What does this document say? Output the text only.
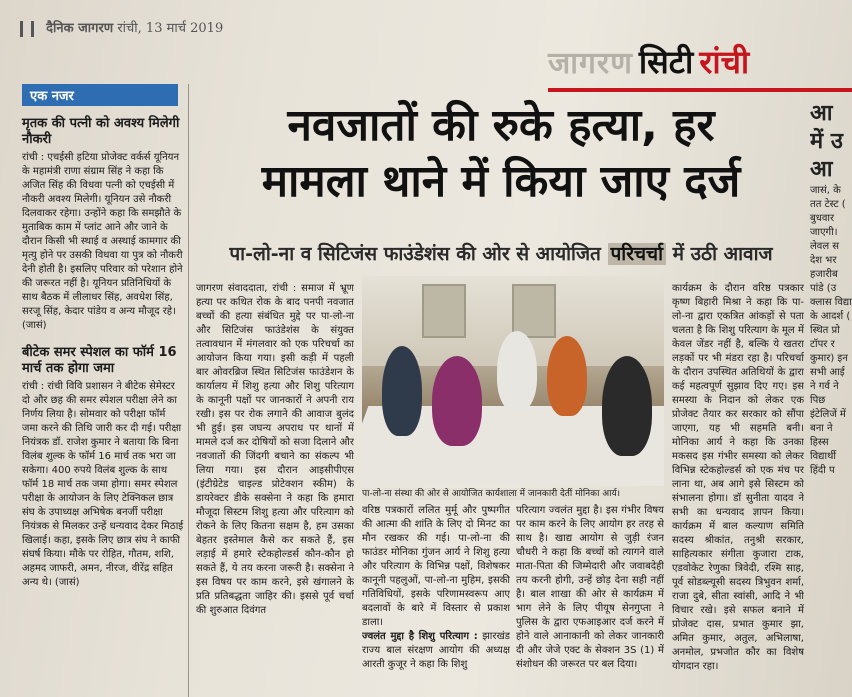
दैनिक जागरण रांची, 13 मार्च 2019
जागरण सिटी रांची
एक नजर
मृतक की पत्नी को अवश्य मिलेगी नौकरी
रांची : एचईसी हटिया प्रोजेक्ट वर्कर्स यूनियन के महामंत्री राणा संग्राम सिंह ने कहा कि अजित सिंह की विधवा पत्नी को एचईसी में नौकरी अवश्य मिलेगी। यूनियन उसे नौकरी दिलवाकर रहेगा। उन्होंने कहा कि समझौते के मुताबिक काम में प्लांट आने और जाने के दौरान किसी भी स्थाई व अस्थाई कामगार की मृत्यु होने पर उसकी विधवा या पुत्र को नौकरी देनी होती है। इसलिए परिवार को परेशान होने की जरूरत नहीं है। यूनियन प्रतिनिधियों के साथ बैठक में लीलाधर सिंह, अवधेश सिंह, सरजू सिंह, केदार पांडेय व अन्य मौजूद रहे। (जासं)
बीटेक समर स्पेशल का फॉर्म 16 मार्च तक होगा जमा
रांची : रांची विवि प्रशासन ने बीटेक सेमेस्टर दो और छह की समर स्पेशल परीक्षा लेने का निर्णय लिया है। सोमवार को परीक्षा फॉर्म जमा करने की तिथि जारी कर दी गई। परीक्षा नियंत्रक डॉ. राजेश कुमार ने बताया कि बिना विलंब शुल्क के फॉर्म 16 मार्च तक भरा जा सकेगा। 400 रुपये विलंब शुल्क के साथ फॉर्म 18 मार्च तक जमा होगा। समर स्पेशल परीक्षा के आयोजन के लिए टेक्निकल छात्र संघ के उपाध्यक्ष अभिषेक बनर्जी परीक्षा नियंत्रक से मिलकर उन्हें धन्यवाद देकर मिठाई खिलाई। कहा, इसके लिए छात्र संघ ने काफी संघर्ष किया। मौके पर रोहित, गौतम, शशि, अहमद जाफरी, अमन, नीरज, वीरेंद्र सहित अन्य थे। (जासं)
नवजातों की रुके हत्या, हर
मामला थाने में किया जाए दर्ज
पा-लो-ना व सिटिजंस फाउंडेशंस की ओर से आयोजित परिचर्चा में उठी आवाज
जागरण संवाददाता, रांची : समाज में भ्रूण हत्या पर कथित रोक के बाद पनपी नवजात बच्चों की हत्या संबंधित मुद्दे पर पा-लो-ना और सिटिजंस फाउंडेशंस के संयुक्त तत्वावधान में मंगलवार को एक परिचर्चा का आयोजन किया गया। इसी कड़ी में पहली बार ओवरब्रिज स्थित सिटिजंस फाउंडेशन के कार्यालय में शिशु हत्या और शिशु परित्याग के कानूनी पक्षों पर जानकारों ने अपनी राय रखी। इस पर रोक लगाने की आवाज बुलंद भी हुई। इस जघन्य अपराध पर थानों में मामले दर्ज कर दोषियों को सजा दिलाने और नवजातों की जिंदगी बचाने का संकल्प भी लिया गया। इस दौरान आइसीपीएस (इंटीग्रेटेड चाइल्ड प्रोटेक्शन स्कीम) के डायरेक्टर डीके सक्सेना ने कहा कि हमारा मौजूदा सिस्टम शिशु हत्या और परित्याग को रोकने के लिए कितना सक्षम है, हम उसका बेहतर इस्तेमाल कैसे कर सकते हैं, इस लड़ाई में हमारे स्टेकहोल्डर्स कौन-कौन हो सकते हैं, ये तय करना जरूरी है। सक्सेना ने इस विषय पर काम करने, इसे खंगालने के प्रति प्रतिबद्धता जाहिर की। इससे पूर्व चर्चा की शुरुआत दिवंगत
पा-लो-ना संस्था की ओर से आयोजित कार्यशाला में जानकारी देतीं मोनिका आर्य।
वरिष्ठ पत्रकारों ललित मुर्मू और पुष्पगीत की आत्मा की शांति के लिए दो मिनट का मौन रखकर की गई। पा-लो-ना की फाउंडर मोनिका गुंजन आर्य ने शिशु हत्या और परित्याग के विभिन्न पक्षों, विशेषकर कानूनी पहलुओं, पा-लो-ना मुहिम, इसकी गतिविधियों, इसके परिणामस्वरूप आए बदलावों के बारे में विस्तार से प्रकाश डाला।
ज्वलंत मुद्दा है शिशु परित्याग : झारखंड राज्य बाल संरक्षण आयोग की अध्यक्ष आरती कुजूर ने कहा कि शिशु
परित्याग ज्वलंत मुद्दा है। इस गंभीर विषय पर काम करने के लिए आयोग हर तरह से साथ है। खाद्य आयोग से जुड़ी रंजन चौधरी ने कहा कि बच्चों को त्यागने वाले माता-पिता की जिम्मेदारी और जवाबदेही तय करनी होगी, उन्हें छोड़ देना सही नहीं है। बाल शाखा की ओर से कार्यक्रम में भाग लेने के लिए पीयूष सेनगुप्ता ने पुलिस के द्वारा एफआइआर दर्ज करने में होने वाले आनाकानी को लेकर जानकारी दी और जेजे एक्ट के सेक्शन 3S (1) में संशोधन की जरूरत पर बल दिया।
कार्यक्रम के दौरान वरिष्ठ पत्रकार कृष्ण बिहारी मिश्रा ने कहा कि पा-लो-ना द्वारा एकत्रित आंकड़ों से पता चलता है कि शिशु परित्याग के मूल में केवल जेंडर नहीं है, बल्कि ये खतरा लड़कों पर भी मंडरा रहा है। परिचर्चा के दौरान उपस्थित अतिथियों के द्वारा कई महत्वपूर्ण सुझाव दिए गए। इस समस्या के निदान को लेकर एक प्रोजेक्ट तैयार कर सरकार को सौंपा जाएगा, यह भी सहमति बनी। मोनिका आर्य ने कहा कि उनका मकसद इस गंभीर समस्या को लेकर विभिन्न स्टेकहोल्डर्स को एक मंच पर लाना था, अब आगे इसे सिस्टम को संभालना होगा। डॉ सुनीता यादव ने सभी का धन्यवाद ज्ञापन किया। कार्यक्रम में बाल कल्याण समिति सदस्य श्रीकांत, तनुश्री सरकार, साहित्यकार संगीता कुजारा टाक, एडवोकेट रेणुका त्रिवेदी, रश्मि साह, पूर्व सोडब्ल्यूसी सदस्य त्रिभुवन शर्मा, राजा दुबे, सीता स्वांसी, आदि ने भी विचार रखे। इसे सफल बनाने में प्रोजेक्ट दास, प्रभात कुमार झा, अमित कुमार, अतुल, अभिलाषा, अनमोल, प्रभजोत कौर का विशेष योगदान रहा।
आ में उ आ
जासं, के तत टेस्ट ( बुधवार जाएगी। लेवल स देश भर हजारीब पांडे (उ क्लास विद्या के आदर्श ( स्थित प्रो टॉपर र कुमार) इन सभी आई ने गर्व ने पिछ इंटेलिजें में बना ने हिस्स विद्यार्थी हिंदी प
